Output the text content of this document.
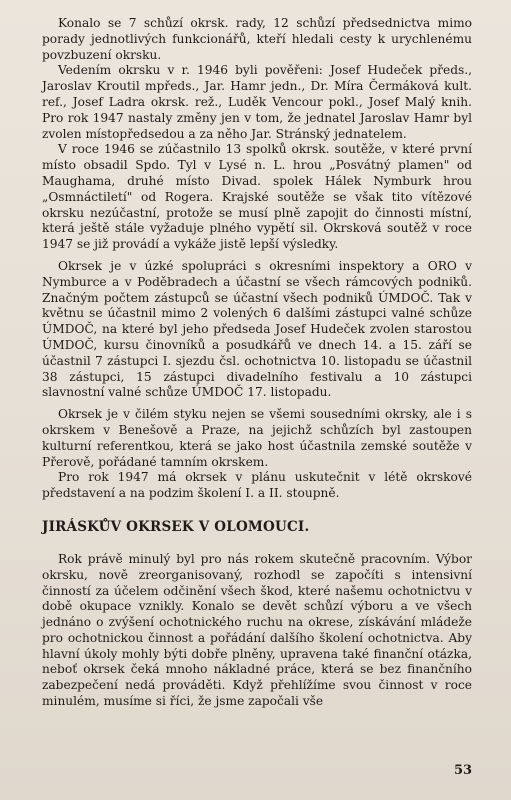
Konalo se 7 schůzí okrsk. rady, 12 schůzí předsednictva mimo porady jednotlivých funkcionářů, kteří hledali cesty k urychlenému povzbuzení okrsku.

Vedením okrsku v r. 1946 byli pověřeni: Josef Hudeček předs., Jaroslav Kroutil mpředs., Jar. Hamr jedn., Dr. Míra Čermáková kult. ref., Josef Ladra okrsk. rež., Luděk Vencour pokl., Josef Malý knih. Pro rok 1947 nastaly změny jen v tom, že jednatel Jaroslav Hamr byl zvolen místopředsedou a za něho Jar. Stránský jednatelem.

V roce 1946 se zúčastnilo 13 spolků okrsk. soutěže, v které první místo obsadil Spdo. Tyl v Lysé n. L. hrou „Posvátný plamen" od Maughama, druhé místo Divad. spolek Hálek Nymburk hrou „Osmnáctiletí" od Rogera. Krajské soutěže se však tito vítězové okrsku nezúčastní, protože se musí plně zapojit do činnosti místní, která ještě stále vyžaduje plného vypětí sil. Okrsková soutěž v roce 1947 se již provádí a vykáže jistě lepší výsledky.

Okrsek je v úzké spolupráci s okresními inspektory a ORO v Nymburce a v Poděbradech a účastní se všech rámcových podniků. Značným počtem zástupců se účastní všech podniků ÚMDOČ. Tak v květnu se účastnil mimo 2 volených 6 dalšími zástupci valné schůze ÚMDOČ, na které byl jeho předseda Josef Hudeček zvolen starostou ÚMDOČ, kursu činovníků a posudkářů ve dnech 14. a 15. září se účastnil 7 zástupci I. sjezdu čsl. ochotnictva 10. listopadu se účastnil 38 zástupci, 15 zástupci divadelního festivalu a 10 zástupci slavnostní valné schůze ÚMDOČ 17. listopadu.

Okrsek je v čilém styku nejen se všemi sousedními okrsky, ale i s okrskem v Benešově a Praze, na jejichž schůzích byl zastoupen kulturní referentkou, která se jako host účastnila zemské soutěže v Přerově, pořádané tamním okrskem.

Pro rok 1947 má okrsek v plánu uskutečnit v létě okrskové představení a na podzim školení I. a II. stoupně.

JIRÁSKŮV OKRSEK V OLOMOUCI.

Rok právě minulý byl pro nás rokem skutečně pracovním. Výbor okrsku, nově zreorganisovaný, rozhodl se započíti s intensivní činností za účelem odčinění všech škod, které našemu ochotnictvu v době okupace vznikly. Konalo se devět schůzí výboru a ve všech jednáno o zvýšení ochotnického ruchu na okrese, získávání mládeže pro ochotnickou činnost a pořádání dalšího školení ochotnictva. Aby hlavní úkoly mohly býti dobře plněny, upravena také finanční otázka, neboť okrsek čeká mnoho nákladné práce, která se bez finančního zabezpečení nedá prováděti. Když přehlížíme svou činnost v roce minulém, musíme si říci, že jsme započali vše

53
